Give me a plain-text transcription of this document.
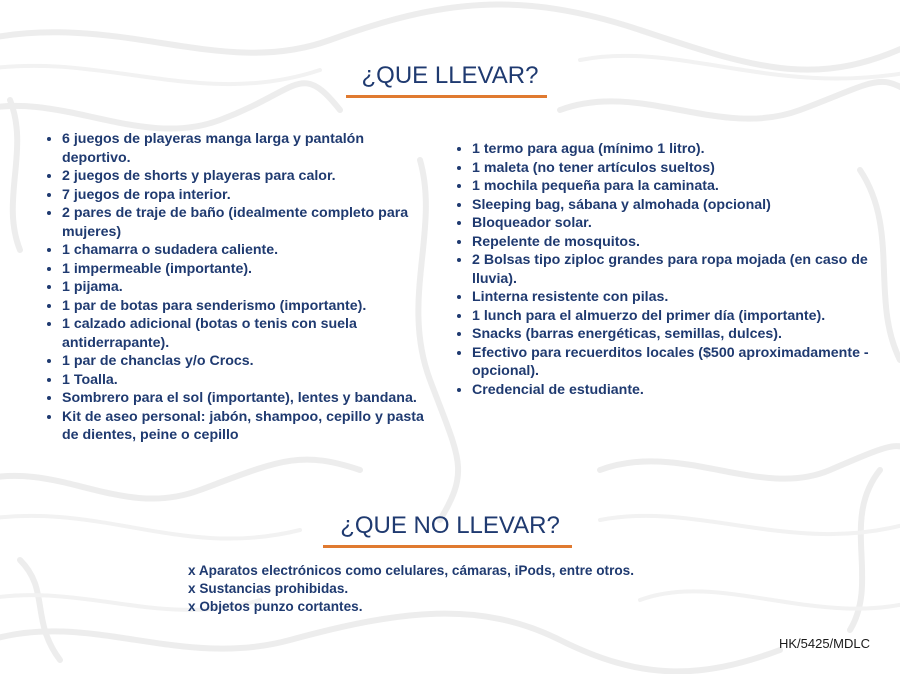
¿QUE LLEVAR?
• 6 juegos de playeras manga larga y pantalón deportivo.
• 2 juegos de shorts y playeras para calor.
• 7 juegos de ropa interior.
• 2 pares de traje de baño (idealmente completo para mujeres)
• 1 chamarra o sudadera caliente.
• 1 impermeable (importante).
• 1 pijama.
• 1 par de botas para senderismo (importante).
• 1 calzado adicional (botas o tenis con suela antiderrapante).
• 1 par de chanclas y/o Crocs.
• 1 Toalla.
• Sombrero para el sol (importante), lentes y bandana.
• Kit de aseo personal: jabón, shampoo, cepillo y pasta de dientes, peine o cepillo
• 1 termo para agua (mínimo 1 litro).
• 1 maleta (no tener artículos sueltos)
• 1 mochila pequeña para la caminata.
• Sleeping bag, sábana y almohada (opcional)
• Bloqueador solar.
• Repelente de mosquitos.
• 2 Bolsas tipo ziploc grandes para ropa mojada (en caso de lluvia).
• Linterna resistente con pilas.
• 1 lunch para el almuerzo del primer día (importante).
• Snacks (barras energéticas, semillas, dulces).
• Efectivo para recuerditos locales ($500 aproximadamente - opcional).
• Credencial de estudiante.
¿QUE NO LLEVAR?
x Aparatos electrónicos como celulares, cámaras, iPods, entre otros.
x Sustancias prohibidas.
x Objetos punzo cortantes.
HK/5425/MDLC
